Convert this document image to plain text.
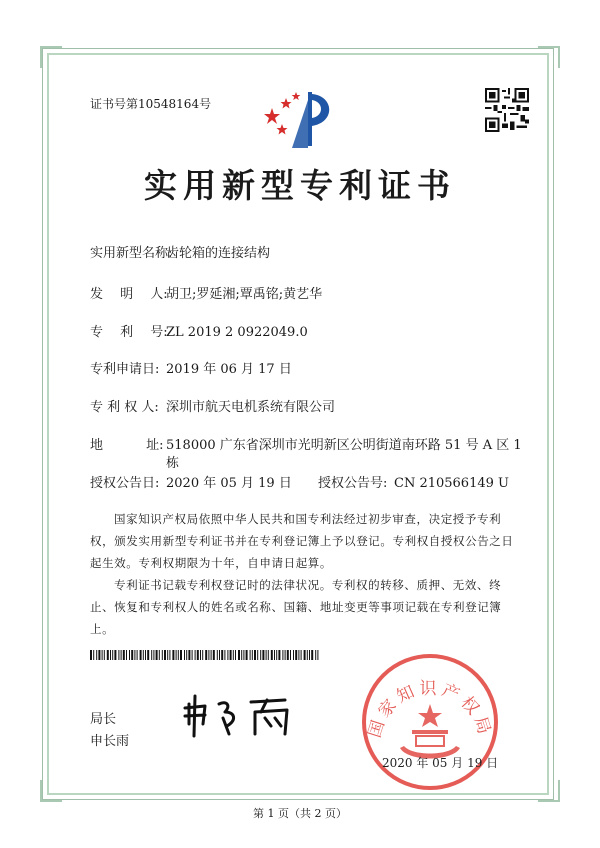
证书号第10548164号
实用新型专利证书
实用新型名称:齿轮箱的连接结构
发　 明　 人:胡卫;罗延湘;覃禹铭;黄艺华
专　 利　 号:ZL 2019 2 0922049.0
专利申请日: 2019 年 06 月 17 日
专 利 权 人: 深圳市航天电机系统有限公司
地　　　 址: 518000 广东省深圳市光明新区公明街道南环路 51 号 A 区 1
栋
授权公告日: 2020 年 05 月 19 日 授权公告号: CN 210566149 U
国家知识产权局依照中华人民共和国专利法经过初步审查，决定授予专利权，颁发实用新型专利证书并在专利登记簿上予以登记。专利权自授权公告之日起生效。专利权期限为十年，自申请日起算。
专利证书记载专利权登记时的法律状况。专利权的转移、质押、无效、终止、恢复和专利权人的姓名或名称、国籍、地址变更等事项记载在专利登记簿上。
局长
申长雨
国家知识产权局
2020 年 05 月 19 日
第 1 页（共 2 页）
